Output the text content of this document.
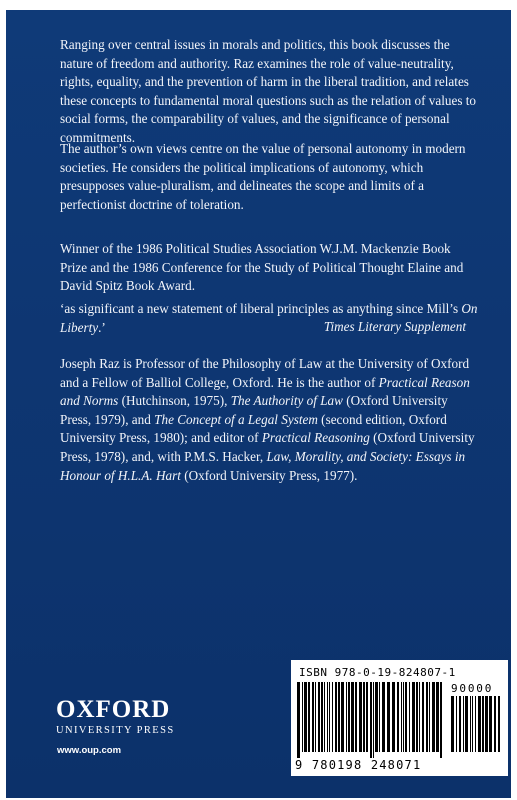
Ranging over central issues in morals and politics, this book discusses the nature of freedom and authority. Raz examines the role of value-neutrality, rights, equality, and the prevention of harm in the liberal tradition, and relates these concepts to fundamental moral questions such as the relation of values to social forms, the comparability of values, and the significance of personal commitments.

The author’s own views centre on the value of personal autonomy in modern societies. He considers the political implications of autonomy, which presupposes value-pluralism, and delineates the scope and limits of a perfectionist doctrine of toleration.

Winner of the 1986 Political Studies Association W.J.M. Mackenzie Book Prize and the 1986 Conference for the Study of Political Thought Elaine and David Spitz Book Award.

‘as significant a new statement of liberal principles as anything since Mill’s On Liberty.’	Times Literary Supplement

Joseph Raz is Professor of the Philosophy of Law at the University of Oxford and a Fellow of Balliol College, Oxford. He is the author of Practical Reason and Norms (Hutchinson, 1975), The Authority of Law (Oxford University Press, 1979), and The Concept of a Legal System (second edition, Oxford University Press, 1980); and editor of Practical Reasoning (Oxford University Press, 1978), and, with P.M.S. Hacker, Law, Morality, and Society: Essays in Honour of H.L.A. Hart (Oxford University Press, 1977).

OXFORD
UNIVERSITY PRESS
www.oup.com
ISBN 978-0-19-824807-1
90000
9 780198 248071
